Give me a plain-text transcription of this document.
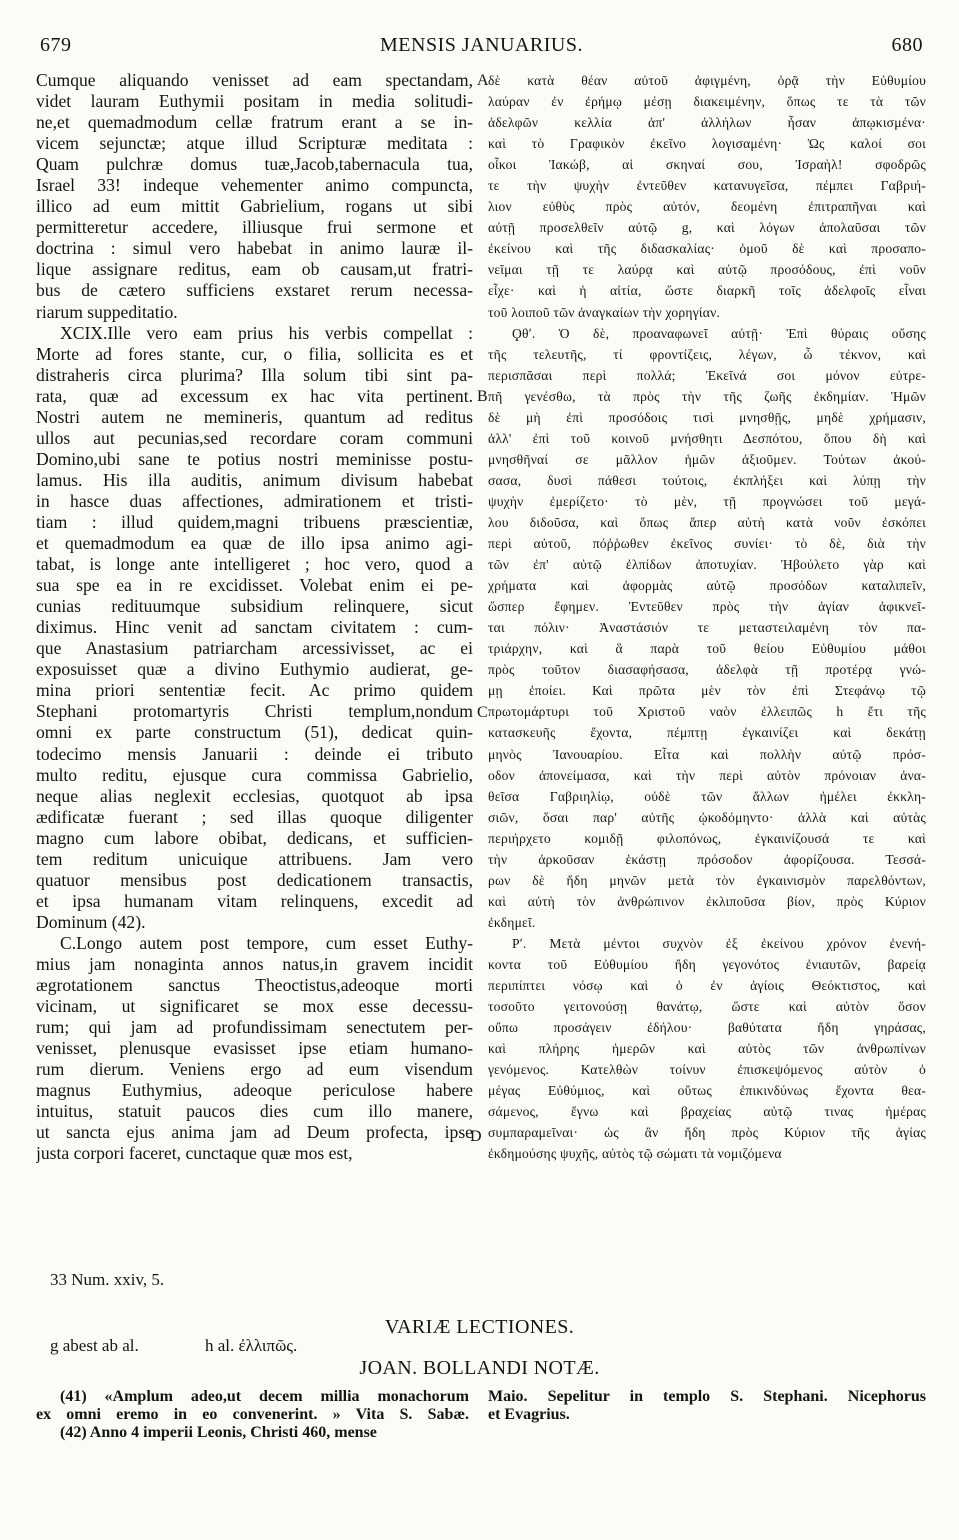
679	MENSIS JANUARIUS.	680
Cumque aliquando venisset ad eam spectandam,
videt lauram Euthymii positam in media solitudi-
ne,et quemadmodum cellæ fratrum erant a se in-
vicem sejunctæ; atque illud Scripturæ meditata :
Quam pulchræ domus tuæ,Jacob,tabernacula tua,
Israel 33! indeque vehementer animo compuncta,
illico ad eum mittit Gabrielium, rogans ut sibi
permitteretur accedere, illiusque frui sermone et
doctrina : simul vero habebat in animo lauræ il-
lique assignare reditus, eam ob causam,ut fratri-
bus de cætero sufficiens exstaret rerum necessa-
riarum suppeditatio.
XCIX.Ille vero eam prius his verbis compellat :
Morte ad fores stante, cur, o filia, sollicita es et
distraheris circa plurima? Illa solum tibi sint pa-
rata, quæ ad excessum ex hac vita pertinent.
Nostri autem ne memineris, quantum ad reditus
ullos aut pecunias,sed recordare coram communi
Domino,ubi sane te potius nostri meminisse postu-
lamus. His illa auditis, animum divisum habebat
in hasce duas affectiones, admirationem et tristi-
tiam : illud quidem,magni tribuens præscientiæ,
et quemadmodum ea quæ de illo ipsa animo agi-
tabat, is longe ante intelligeret ; hoc vero, quod a
sua spe ea in re excidisset. Volebat enim ei pe-
cunias redituumque subsidium relinquere, sicut
diximus. Hinc venit ad sanctam civitatem : cum-
que Anastasium patriarcham arcessivisset, ac ei
exposuisset quæ a divino Euthymio audierat, ge-
mina priori sententiæ fecit. Ac primo quidem
Stephani protomartyris Christi templum,nondum
omni ex parte constructum (51), dedicat quin-
todecimo mensis Januarii : deinde ei tributo
multo reditu, ejusque cura commissa Gabrielio,
neque alias neglexit ecclesias, quotquot ab ipsa
ædificatæ fuerant ; sed illas quoque diligenter
magno cum labore obibat, dedicans, et sufficien-
tem reditum unicuique attribuens. Jam vero
quatuor mensibus post dedicationem transactis,
et ipsa humanam vitam relinquens, excedit ad
Dominum (42).
C.Longo autem post tempore, cum esset Euthy-
mius jam nonaginta annos natus,in gravem incidit
ægrotationem sanctus Theoctistus,adeoque morti
vicinam, ut significaret se mox esse decessu-
rum; qui jam ad profundissimam senectutem per-
venisset, plenusque evasisset ipse etiam humano-
rum dierum. Veniens ergo ad eum visendum
magnus Euthymius, adeoque periculose habere
intuitus, statuit paucos dies cum illo manere,
ut sancta ejus anima jam ad Deum profecta, ipse
justa corpori faceret, cunctaque quæ mos est,
δὲ κατὰ θέαν αὐτοῦ ἀφιγμένη, ὁρᾷ τὴν Εὐθυμίου
λαύραν ἐν ἐρήμῳ μέσῃ διακειμένην, ὅπως τε τὰ τῶν
ἀδελφῶν κελλία ἀπ' ἀλλήλων ἦσαν ἀπῳκισμένα·
καὶ τὸ Γραφικὸν ἐκεῖνο λογισαμένη· Ὡς καλοί σοι
οἶκοι Ἰακώβ, αἱ σκηναί σου, Ἰσραὴλ! σφοδρῶς
τε τὴν ψυχὴν ἐντεῦθεν κατανυγεῖσα, πέμπει Γαβριή-
λιον εὐθὺς πρὸς αὐτόν, δεομένη ἐπιτραπῆναι καὶ
αὐτῇ προσελθεῖν αὐτῷ g, καὶ λόγων ἀπολαῦσαι τῶν
ἐκείνου καὶ τῆς διδασκαλίας· ὁμοῦ δὲ καὶ προσαπο-
νεῖμαι τῇ τε λαύρᾳ καὶ αὐτῷ προσόδους, ἐπὶ νοῦν
εἶχε· καὶ ἡ αἰτία, ὥστε διαρκῆ τοῖς ἀδελφοῖς εἶναι
τοῦ λοιποῦ τῶν ἀναγκαίων τὴν χορηγίαν.
Ϙθʹ. Ὁ δὲ, προαναφωνεῖ αὐτῇ· Ἐπὶ θύραις οὔσης
τῆς τελευτῆς, τί φροντίζεις, λέγων, ὦ τέκνον, καὶ
περισπᾶσαι περὶ πολλά; Ἐκεῖνά σοι μόνον εὐτρε-
πῆ γενέσθω, τὰ πρὸς τὴν τῆς ζωῆς ἐκδημίαν. Ἡμῶν
δὲ μὴ ἐπὶ προσόδοις τισὶ μνησθῇς, μηδὲ χρήμασιν,
ἀλλ' ἐπὶ τοῦ κοινοῦ μνήσθητι Δεσπότου, ὅπου δὴ καὶ
μνησθῆναί σε μᾶλλον ἡμῶν ἀξιοῦμεν. Τούτων ἀκού-
σασα, δυσὶ πάθεσι τούτοις, ἐκπλήξει καὶ λύπῃ τὴν
ψυχὴν ἐμερίζετο· τὸ μὲν, τῇ προγνώσει τοῦ μεγά-
λου διδοῦσα, καὶ ὅπως ἅπερ αὐτὴ κατὰ νοῦν ἐσκόπει
περὶ αὐτοῦ, πόῤῥωθεν ἐκεῖνος συνίει· τὸ δὲ, διὰ τὴν
τῶν ἐπ' αὐτῷ ἐλπίδων ἀποτυχίαν. Ἠβούλετο γὰρ καὶ
χρήματα καὶ ἀφορμὰς αὐτῷ προσόδων καταλιπεῖν,
ὥσπερ ἔφημεν. Ἐντεῦθεν πρὸς τὴν ἁγίαν ἀφικνεῖ-
ται πόλιν· Ἀναστάσιόν τε μεταστειλαμένη τὸν πα-
τριάρχην, καὶ ἃ παρὰ τοῦ θείου Εὐθυμίου μάθοι
πρὸς τοῦτον διασαφήσασα, ἀδελφὰ τῇ προτέρᾳ γνώ-
μῃ ἐποίει. Καὶ πρῶτα μὲν τὸν ἐπὶ Στεφάνῳ τῷ
πρωτομάρτυρι τοῦ Χριστοῦ ναὸν ἐλλειπῶς h ἔτι τῆς
κατασκευῆς ἔχοντα, πέμπτῃ ἐγκαινίζει καὶ δεκάτῃ
μηνὸς Ἰανουαρίου. Εἶτα καὶ πολλὴν αὐτῷ πρόσ-
οδον ἀπονείμασα, καὶ τὴν περὶ αὐτὸν πρόνοιαν ἀνα-
θεῖσα Γαβριηλίῳ, οὐδὲ τῶν ἄλλων ἠμέλει ἐκκλη-
σιῶν, ὅσαι παρ' αὐτῆς ᾠκοδόμηντο· ἀλλὰ καὶ αὐτὰς
περιήρχετο κομιδῇ φιλοπόνως, ἐγκαινίζουσά τε καὶ
τὴν ἀρκοῦσαν ἑκάστῃ πρόσοδον ἀφορίζουσα. Τεσσά-
ρων δὲ ἤδη μηνῶν μετὰ τὸν ἐγκαινισμὸν παρελθόντων,
καὶ αὐτὴ τὸν ἀνθρώπινον ἐκλιποῦσα βίον, πρὸς Κύριον
ἐκδημεῖ.
Ρʹ. Μετὰ μέντοι συχνὸν ἐξ ἐκείνου χρόνον ἐνενή-
κοντα τοῦ Εὐθυμίου ἤδη γεγονότος ἐνιαυτῶν, βαρείᾳ
περιπίπτει νόσῳ καὶ ὁ ἐν ἁγίοις Θεόκτιστος, καὶ
τοσοῦτο γειτονούσῃ θανάτῳ, ὥστε καὶ αὐτὸν ὅσον
οὔπω προσάγειν ἐδήλου· βαθύτατα ἤδη γηράσας,
καὶ πλήρης ἡμερῶν καὶ αὐτὸς τῶν ἀνθρωπίνων
γενόμενος. Κατελθὼν τοίνυν ἐπισκεψόμενος αὐτὸν ὁ
μέγας Εὐθύμιος, καὶ οὕτως ἐπικινδύνως ἔχοντα θεα-
σάμενος, ἔγνω καὶ βραχείας αὐτῷ τινας ἡμέρας
συμπαραμεῖναι· ὡς ἂν ἤδη πρὸς Κύριον τῆς ἁγίας
ἐκδημούσης ψυχῆς, αὐτὸς τῷ σώματι τὰ νομιζόμενα
A
B
C
D
33 Num. xxiv, 5.
VARIÆ LECTIONES.
g abest ab al.	h al. ἐλλιπῶς.
JOAN. BOLLANDI NOTÆ.
(41) «Amplum adeo,ut decem millia monachorum
ex omni eremo in eo convenerint. » Vita S. Sabæ.
(42) Anno 4 imperii Leonis, Christi 460, mense
Maio. Sepelitur in templo S. Stephani. Nicephorus
et Evagrius.
